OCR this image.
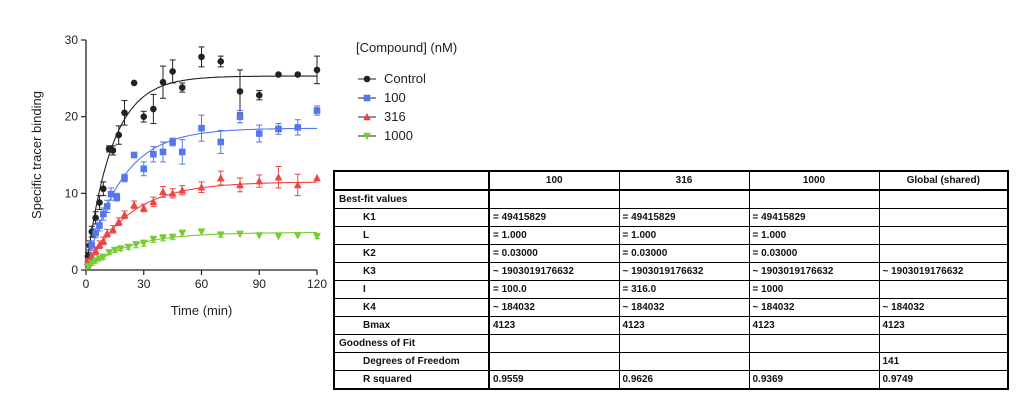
0	30	60	90	120
0
10
20
30
Time (min)
Specific tracer binding
[Compound] (nM)
Control
100
316
1000
	100	316	1000	Global (shared)
Best-fit values				
K1	= 49415829	= 49415829	= 49415829	
L	= 1.000	= 1.000	= 1.000	
K2	= 0.03000	= 0.03000	= 0.03000	
K3	~ 1903019176632	~ 1903019176632	~ 1903019176632	~ 1903019176632
I	= 100.0	= 316.0	= 1000	
K4	~ 184032	~ 184032	~ 184032	~ 184032
Bmax	4123	4123	4123	4123
Goodness of Fit				
Degrees of Freedom				141
R squared	0.9559	0.9626	0.9369	0.9749
